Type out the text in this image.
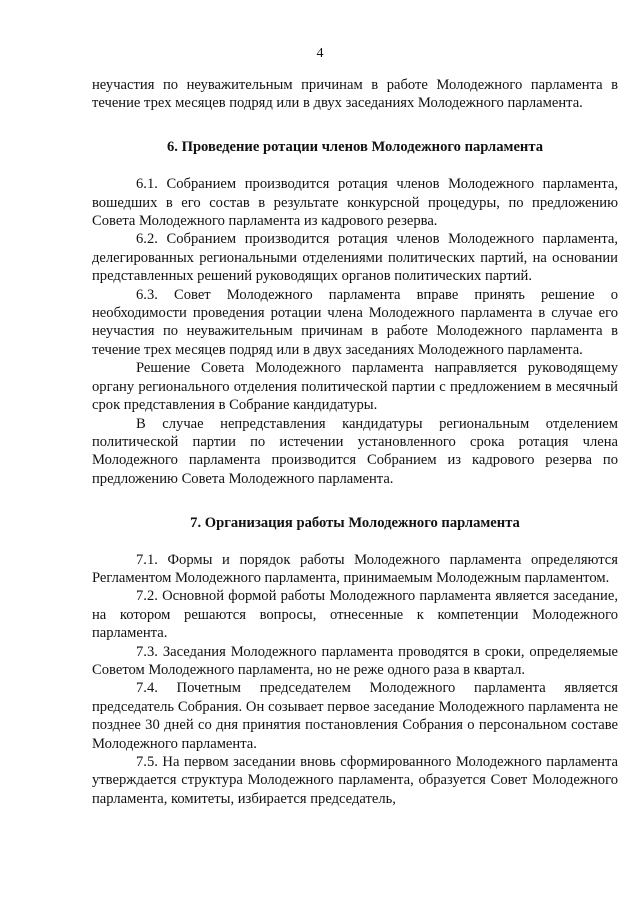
4

неучастия по неуважительным причинам в работе Молодежного парламента в течение трех месяцев подряд или в двух заседаниях Молодежного парламента.

6. Проведение ротации членов Молодежного парламента

6.1. Собранием производится ротация членов Молодежного парламента, вошедших в его состав в результате конкурсной процедуры, по предложению Совета Молодежного парламента из кадрового резерва.

6.2. Собранием производится ротация членов Молодежного парламента, делегированных региональными отделениями политических партий, на основании представленных решений руководящих органов политических партий.

6.3. Совет Молодежного парламента вправе принять решение о необходимости проведения ротации члена Молодежного парламента в случае его неучастия по неуважительным причинам в работе Молодежного парламента в течение трех месяцев подряд или в двух заседаниях Молодежного парламента.

Решение Совета Молодежного парламента направляется руководящему органу регионального отделения политической партии с предложением в месячный срок представления в Собрание кандидатуры.

В случае непредставления кандидатуры региональным отделением политической партии по истечении установленного срока ротация члена Молодежного парламента производится Собранием из кадрового резерва по предложению Совета Молодежного парламента.

7. Организация работы Молодежного парламента

7.1. Формы и порядок работы Молодежного парламента определяются Регламентом Молодежного парламента, принимаемым Молодежным парламентом.

7.2. Основной формой работы Молодежного парламента является заседание, на котором решаются вопросы, отнесенные к компетенции Молодежного парламента.

7.3. Заседания Молодежного парламента проводятся в сроки, определяемые Советом Молодежного парламента, но не реже одного раза в квартал.

7.4. Почетным председателем Молодежного парламента является председатель Собрания. Он созывает первое заседание Молодежного парламента не позднее 30 дней со дня принятия постановления Собрания о персональном составе Молодежного парламента.

7.5. На первом заседании вновь сформированного Молодежного парламента утверждается структура Молодежного парламента, образуется Совет Молодежного парламента, комитеты, избирается председатель,
